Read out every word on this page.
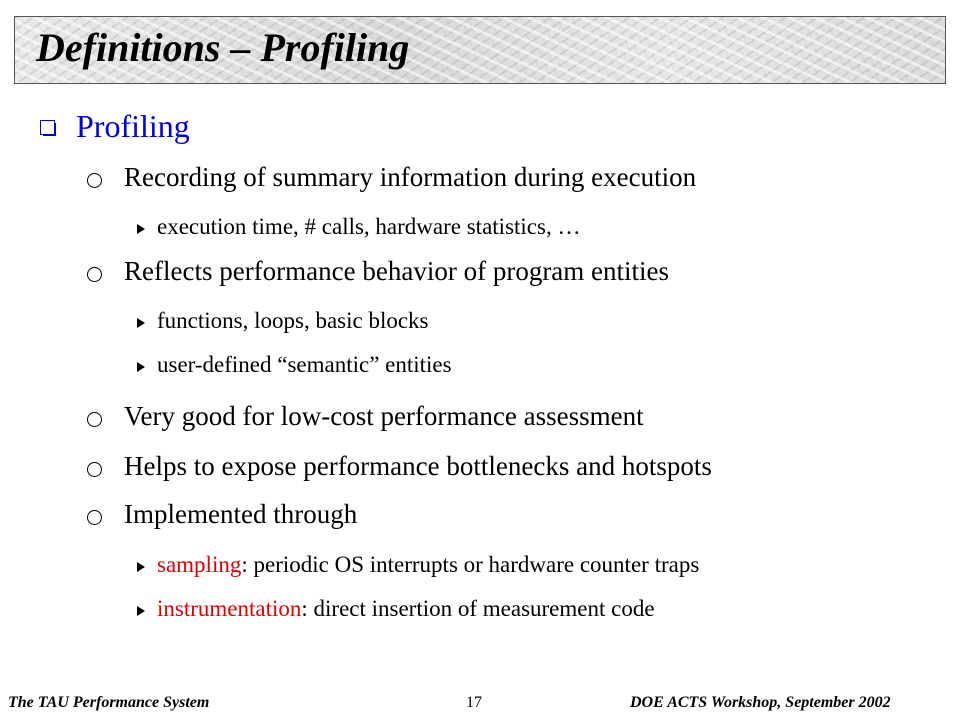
Definitions – Profiling
Profiling
Recording of summary information during execution
execution time, # calls, hardware statistics, …
Reflects performance behavior of program entities
functions, loops, basic blocks
user-defined “semantic” entities
Very good for low-cost performance assessment
Helps to expose performance bottlenecks and hotspots
Implemented through
sampling: periodic OS interrupts or hardware counter traps
instrumentation: direct insertion of measurement code
The TAU Performance System	17	DOE ACTS Workshop, September 2002
